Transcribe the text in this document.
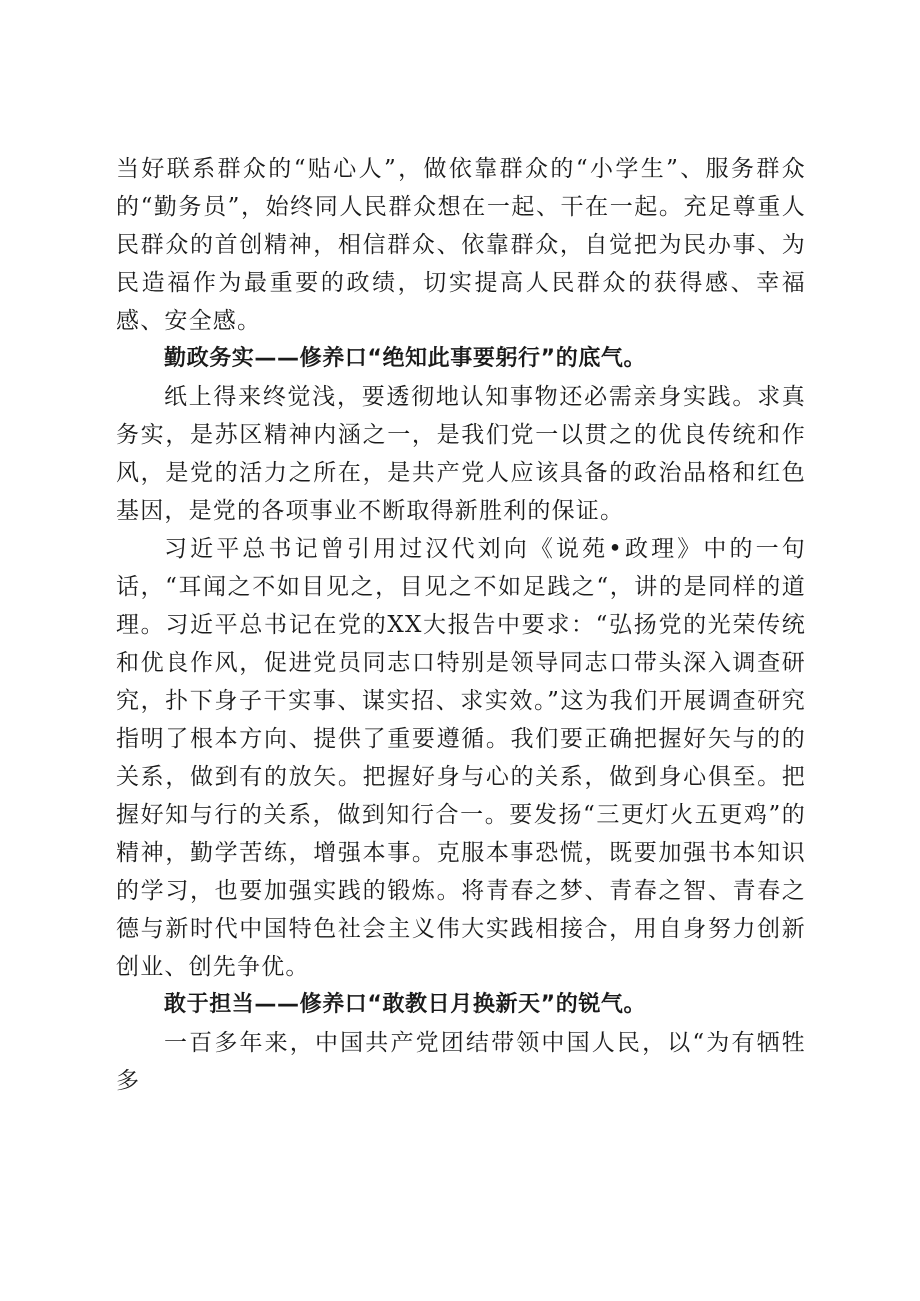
当好联系群众的“贴心人”，做依靠群众的“小学生”、服务群众的“勤务员”，始终同人民群众想在一起、干在一起。充足尊重人民群众的首创精神，相信群众、依靠群众，自觉把为民办事、为民造福作为最重要的政绩，切实提高人民群众的获得感、幸福感、安全感。

勤政务实——修养口“绝知此事要躬行”的底气。

纸上得来终觉浅，要透彻地认知事物还必需亲身实践。求真务实，是苏区精神内涵之一，是我们党一以贯之的优良传统和作风，是党的活力之所在，是共产党人应该具备的政治品格和红色基因，是党的各项事业不断取得新胜利的保证。

习近平总书记曾引用过汉代刘向《说苑•政理》中的一句话，“耳闻之不如目见之，目见之不如足践之“，讲的是同样的道理。习近平总书记在党的XX大报告中要求：“弘扬党的光荣传统和优良作风，促进党员同志口特别是领导同志口带头深入调查研究，扑下身子干实事、谋实招、求实效。”这为我们开展调查研究指明了根本方向、提供了重要遵循。我们要正确把握好矢与的的关系，做到有的放矢。把握好身与心的关系，做到身心俱至。把握好知与行的关系，做到知行合一。要发扬“三更灯火五更鸡”的精神，勤学苦练，增强本事。克服本事恐慌，既要加强书本知识的学习，也要加强实践的锻炼。将青春之梦、青春之智、青春之德与新时代中国特色社会主义伟大实践相接合，用自身努力创新创业、创先争优。

敢于担当——修养口“敢教日月换新天”的锐气。

一百多年来，中国共产党团结带领中国人民，以“为有牺牲多
